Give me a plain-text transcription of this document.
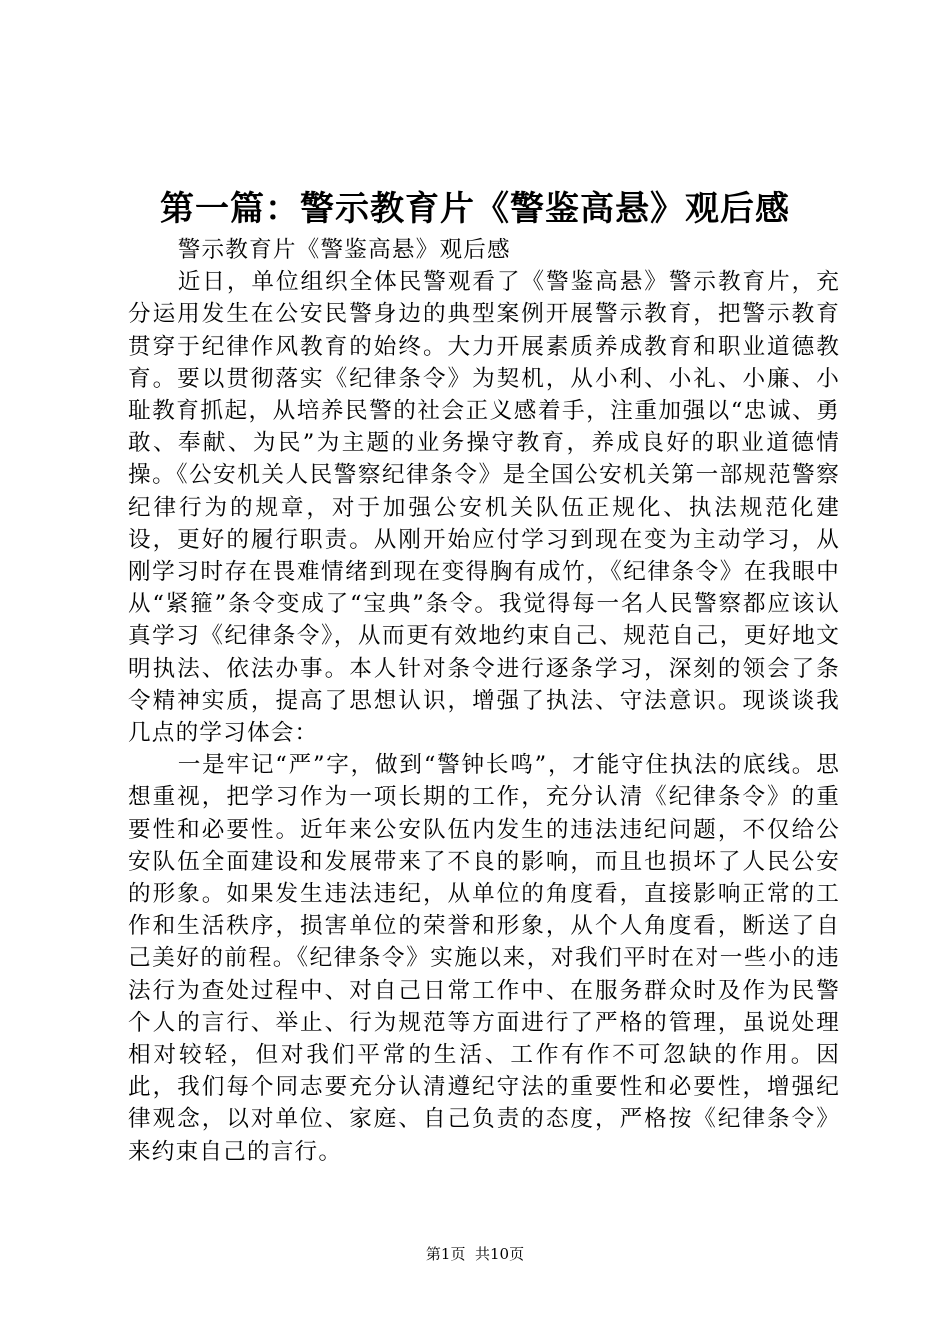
第一篇：警示教育片《警鉴高悬》观后感

警示教育片《警鉴高悬》观后感

近日，单位组织全体民警观看了《警鉴高悬》警示教育片，充分运用发生在公安民警身边的典型案例开展警示教育，把警示教育贯穿于纪律作风教育的始终。大力开展素质养成教育和职业道德教育。要以贯彻落实《纪律条令》为契机，从小利、小礼、小廉、小耻教育抓起，从培养民警的社会正义感着手，注重加强以“忠诚、勇敢、奉献、为民”为主题的业务操守教育，养成良好的职业道德情操。《公安机关人民警察纪律条令》是全国公安机关第一部规范警察纪律行为的规章，对于加强公安机关队伍正规化、执法规范化建设，更好的履行职责。从刚开始应付学习到现在变为主动学习，从刚学习时存在畏难情绪到现在变得胸有成竹，《纪律条令》在我眼中从“紧箍”条令变成了“宝典”条令。我觉得每一名人民警察都应该认真学习《纪律条令》，从而更有效地约束自己、规范自己，更好地文明执法、依法办事。本人针对条令进行逐条学习，深刻的领会了条令精神实质，提高了思想认识，增强了执法、守法意识。现谈谈我几点的学习体会：

一是牢记“严”字，做到“警钟长鸣”，才能守住执法的底线。思想重视，把学习作为一项长期的工作，充分认清《纪律条令》的重要性和必要性。近年来公安队伍内发生的违法违纪问题，不仅给公安队伍全面建设和发展带来了不良的影响，而且也损坏了人民公安的形象。如果发生违法违纪，从单位的角度看，直接影响正常的工作和生活秩序，损害单位的荣誉和形象，从个人角度看，断送了自己美好的前程。《纪律条令》实施以来，对我们平时在对一些小的违法行为查处过程中、对自己日常工作中、在服务群众时及作为民警个人的言行、举止、行为规范等方面进行了严格的管理，虽说处理相对较轻，但对我们平常的生活、工作有作不可忽缺的作用。因此，我们每个同志要充分认清遵纪守法的重要性和必要性，增强纪律观念，以对单位、家庭、自己负责的态度，严格按《纪律条令》来约束自己的言行。

第1页 共10页
